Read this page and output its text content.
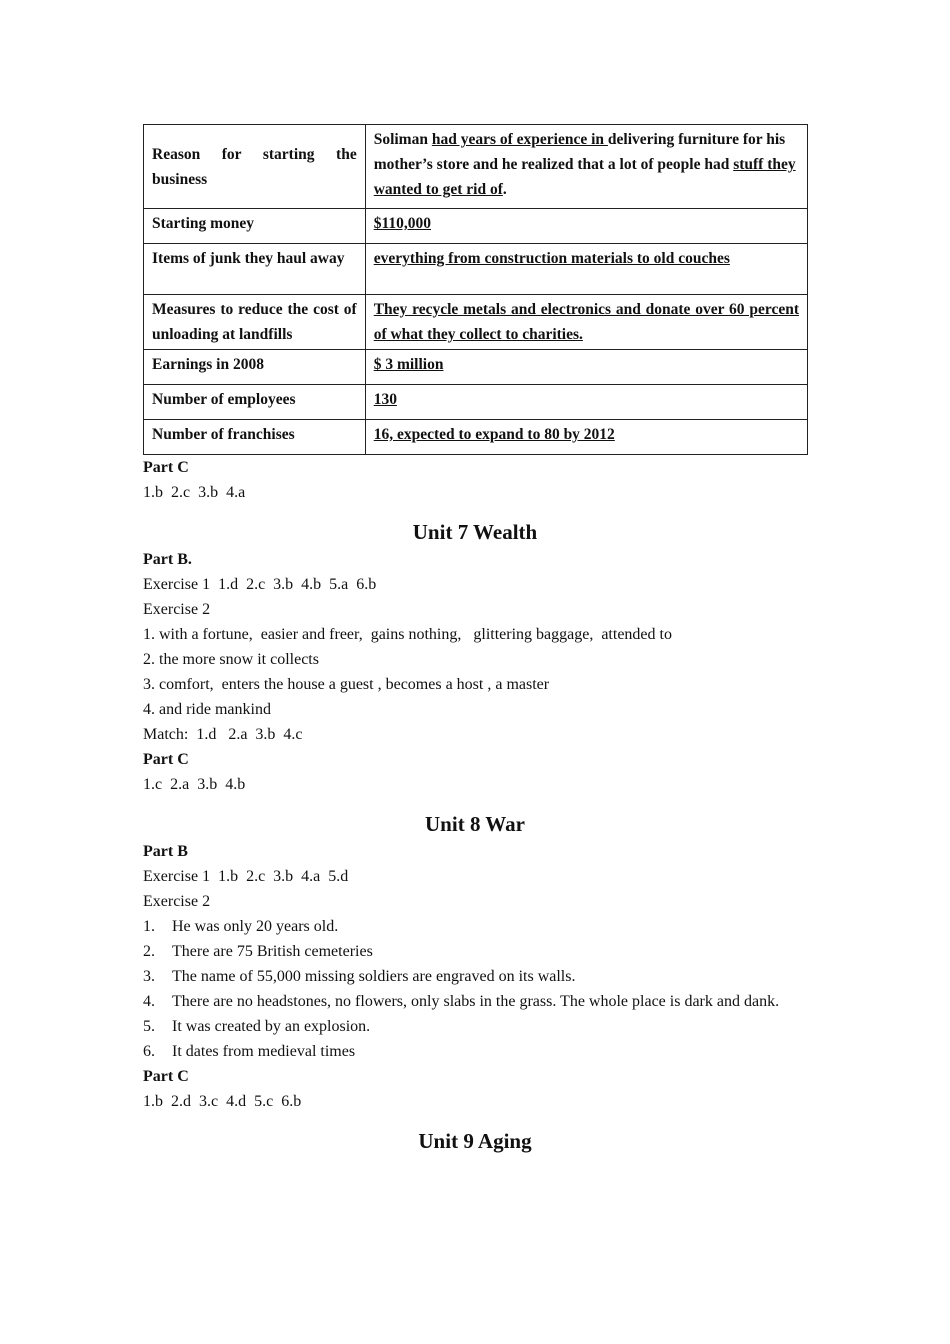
Reason for starting the business	Soliman had years of experience in delivering furniture for his mother’s store and he realized that a lot of people had stuff they wanted to get rid of.
Starting money	$110,000
Items of junk they haul away	everything from construction materials to old couches
Measures to reduce the cost of unloading at landfills	They recycle metals and electronics and donate over 60 percent of what they collect to charities.
Earnings in 2008	$ 3 million
Number of employees	130
Number of franchises	16, expected to expand to 80 by 2012
Part C
1.b  2.c  3.b  4.a
Unit 7 Wealth
Part B.
Exercise 1  1.d  2.c  3.b  4.b  5.a  6.b
Exercise 2
1. with a fortune,  easier and freer,  gains nothing,   glittering baggage,  attended to
2. the more snow it collects
3. comfort,  enters the house a guest , becomes a host , a master
4. and ride mankind
Match:  1.d   2.a  3.b  4.c
Part C
1.c  2.a  3.b  4.b
Unit 8 War
Part B
Exercise 1  1.b  2.c  3.b  4.a  5.d
Exercise 2
1. He was only 20 years old.
2. There are 75 British cemeteries
3. The name of 55,000 missing soldiers are engraved on its walls.
4. There are no headstones, no flowers, only slabs in the grass. The whole place is dark and dank.
5. It was created by an explosion.
6. It dates from medieval times
Part C
1.b  2.d  3.c  4.d  5.c  6.b
Unit 9 Aging
